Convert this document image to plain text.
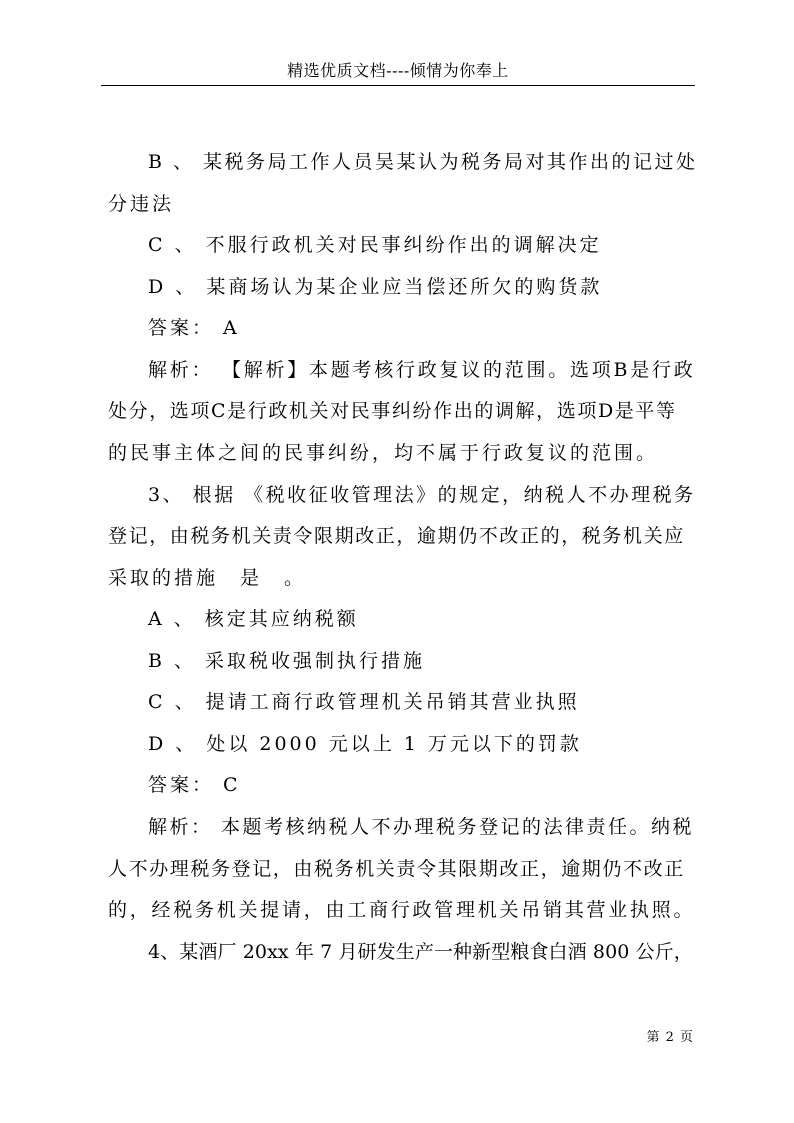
精选优质文档----倾情为你奉上
B 、 某税务局工作人员吴某认为税务局对其作出的记过处
分违法
C 、 不服行政机关对民事纠纷作出的调解决定
D 、 某商场认为某企业应当偿还所欠的购货款
答案： A
解析： 【解析】本题考核行政复议的范围。选项B是行政
处分，选项C是行政机关对民事纠纷作出的调解，选项D是平等
的民事主体之间的民事纠纷，均不属于行政复议的范围。
3、 根据 《税收征收管理法》的规定，纳税人不办理税务
登记，由税务机关责令限期改正，逾期仍不改正的，税务机关应
采取的措施　是　。
A 、 核定其应纳税额
B 、 采取税收强制执行措施
C 、 提请工商行政管理机关吊销其营业执照
D 、 处以 2000 元以上 1 万元以下的罚款
答案： C
解析： 本题考核纳税人不办理税务登记的法律责任。纳税
人不办理税务登记，由税务机关责令其限期改正，逾期仍不改正
的，经税务机关提请，由工商行政管理机关吊销其营业执照。
4、某酒厂 20xx 年 7 月研发生产一种新型粮食白酒 800 公斤，
第 2 页
